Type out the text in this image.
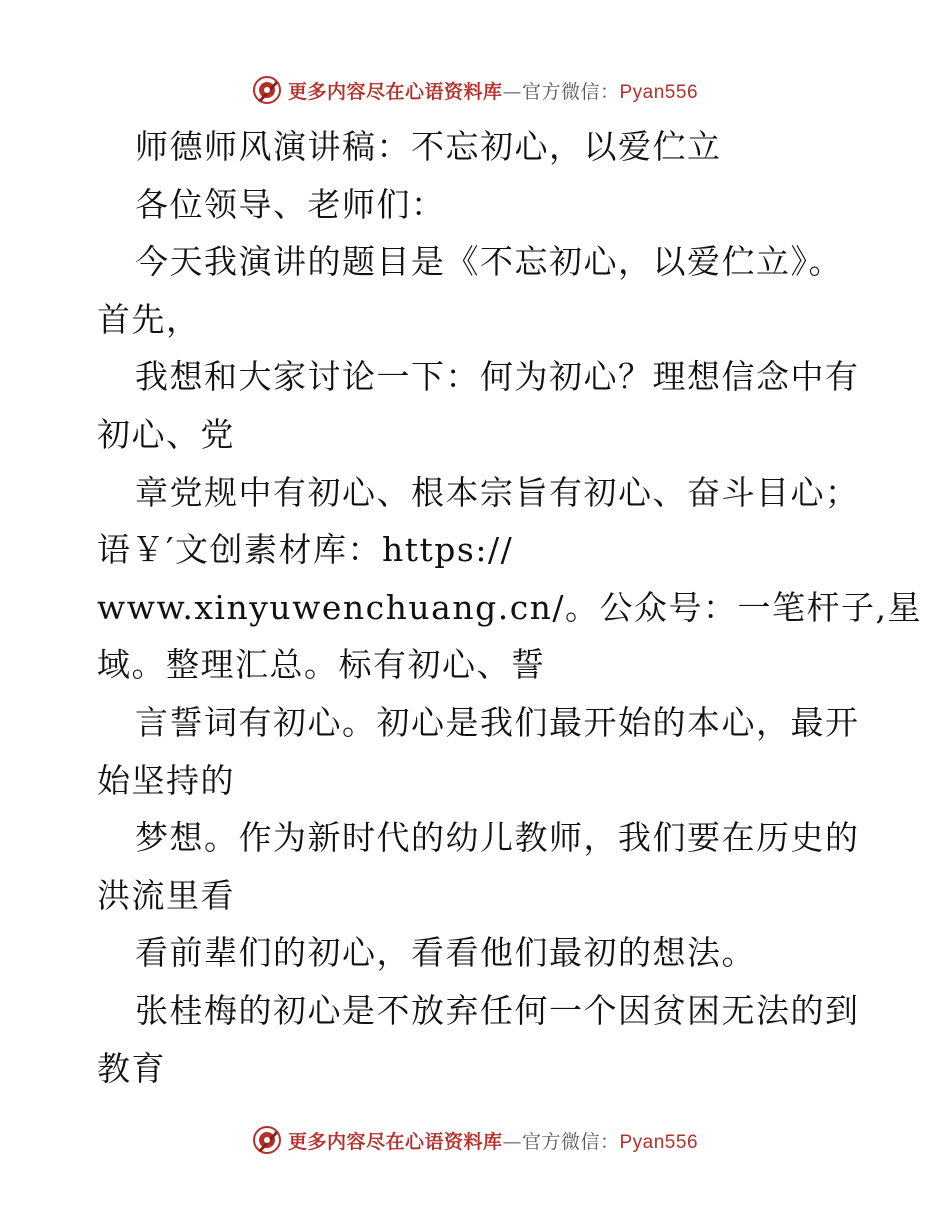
更多内容尽在心语资料库—官方微信：Pyan556
师德师风演讲稿：不忘初心，以爱伫立
各位领导、老师们：
今天我演讲的题目是《不忘初心，以爱伫立》。
首先，
我想和大家讨论一下：何为初心？理想信念中有
初心、党
章党规中有初心、根本宗旨有初心、奋斗目心；
语￥′文创素材库：https://
www.xinyuwenchuang.cn/。公众号：一笔杆子,星
域。整理汇总。标有初心、誓
言誓词有初心。初心是我们最开始的本心，最开
始坚持的
梦想。作为新时代的幼儿教师，我们要在历史的
洪流里看
看前辈们的初心，看看他们最初的想法。
张桂梅的初心是不放弃任何一个因贫困无法的到
教育
更多内容尽在心语资料库—官方微信：Pyan556
